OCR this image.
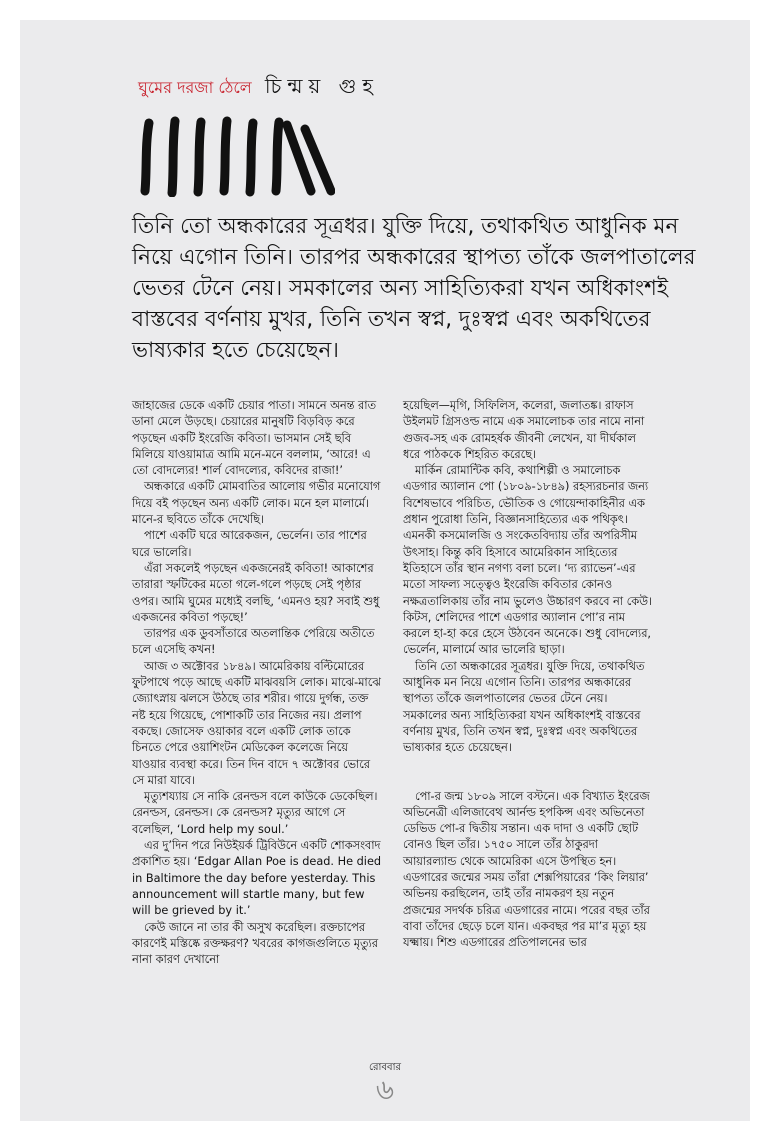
ঘুমের দরজা ঠেলে চিন্ময় গুহ

তিনি তো অন্ধকারের সূত্রধর। যুক্তি দিয়ে, তথাকথিত আধুনিক মন নিয়ে এগোন তিনি। তারপর অন্ধকারের স্থাপত্য তাঁকে জলপাতালের ভেতর টেনে নেয়। সমকালের অন্য সাহিত্যিকরা যখন অধিকাংশই বাস্তবের বর্ণনায় মুখর, তিনি তখন স্বপ্ন, দুঃস্বপ্ন এবং অকথিতের ভাষ্যকার হতে চেয়েছেন।

জাহাজের ডেকে একটি চেয়ার পাতা। সামনে অনন্ত রাত ডানা মেলে উড়ছে। চেয়ারের মানুষটি বিড়বিড় করে পড়ছেন একটি ইংরেজি কবিতা। ভাসমান সেই ছবি মিলিয়ে যাওয়ামাত্র আমি মনে-মনে বললাম, ‘আরে! এ তো বোদল্যের! শার্ল বোদল্যের, কবিদের রাজা!’

অন্ধকারে একটি মোমবাতির আলোয় গভীর মনোযোগ দিয়ে বই পড়ছেন অন্য একটি লোক। মনে হল মালার্মে। মানে-র ছবিতে তাঁকে দেখেছি।

পাশে একটি ঘরে আরেকজন, ভের্লেন। তার পাশের ঘরে ভালেরি।

এঁরা সকলেই পড়ছেন একজনেরই কবিতা! আকাশের তারারা স্ফটিকের মতো গলে-গলে পড়ছে সেই পৃষ্ঠার ওপর। আমি ঘুমের মধ্যেই বলছি, ‘এমনও হয়? সবাই শুধু একজনের কবিতা পড়ছে!’

তারপর এক ডুবসাঁতারে অতলান্তিক পেরিয়ে অতীতে চলে এসেছি কখন!

আজ ৩ অক্টোবর ১৮৪৯। আমেরিকায় বল্টিমোরের ফুটপাথে পড়ে আছে একটি মাঝবয়সি লোক। মাঝে-মাঝে জ্যোৎস্নায় ঝলসে উঠছে তার শরীর। গায়ে দুর্গন্ধ, তক্ত নষ্ট হয়ে গিয়েছে, পোশাকটি তার নিজের নয়। প্রলাপ বকছে। জোসেফ ওয়াকার বলে একটি লোক তাকে চিনতে পেরে ওয়াশিংটন মেডিকেল কলেজে নিয়ে যাওয়ার ব্যবস্থা করে। তিন দিন বাদে ৭ অক্টোবর ভোরে সে মারা যাবে।

মৃত্যুশয্যায় সে নাকি রেনল্ডস বলে কাউকে ডেকেছিল। রেনল্ডস, রেনল্ডস। কে রেনল্ডস? মৃত্যুর আগে সে বলেছিল, ‘Lord help my soul.’

এর দু’দিন পরে নিউইয়র্ক ট্রিবিউনে একটি শোকসংবাদ প্রকাশিত হয়। ‘Edgar Allan Poe is dead. He died in Baltimore the day before yesterday. This announcement will startle many, but few will be grieved by it.’

কেউ জানে না তার কী অসুখ করেছিল। রক্তচাপের কারণেই মস্তিষ্কে রক্তক্ষরণ? খবরের কাগজগুলিতে মৃত্যুর নানা কারণ দেখানো

হয়েছিল—মৃগি, সিফিলিস, কলেরা, জলাতঙ্ক। রাফাস উইলমট গ্রিসওল্ড নামে এক সমালোচক তার নামে নানা গুজব-সহ এক রোমহর্ষক জীবনী লেখেন, যা দীর্ঘকাল ধরে পাঠককে শিহরিত করেছে।

মার্কিন রোমান্টিক কবি, কথাশিল্পী ও সমালোচক এডগার অ্যালান পো (১৮০৯-১৮৪৯) রহস্যরচনার জন্য বিশেষভাবে পরিচিত, ভৌতিক ও গোয়েন্দাকাহিনীর এক প্রধান পুরোধা তিনি, বিজ্ঞানসাহিত্যের এক পথিকৃৎ। এমনকী কসমোলজি ও সংকেতবিদ্যায় তাঁর অপরিসীম উৎসাহ। কিন্তু কবি হিসাবে আমেরিকান সাহিত্যের ইতিহাসে তাঁর স্থান নগণ্য বলা চলে। ‘দ্য র‍্যাভেন’-এর মতো সাফল্য সত্ত্বেও ইংরেজি কবিতার কোনও নক্ষত্রতালিকায় তাঁর নাম ভুলেও উচ্চারণ করবে না কেউ। কিটস, শেলিদের পাশে এডগার অ্যালান পো’র নাম করলে হা-হা করে হেসে উঠবেন অনেকে। শুধু বোদল্যের, ভের্লেন, মালার্মে আর ভালেরি ছাড়া।

তিনি তো অন্ধকারের সূত্রধর। যুক্তি দিয়ে, তথাকথিত আধুনিক মন নিয়ে এগোন তিনি। তারপর অন্ধকারের স্থাপত্য তাঁকে জলপাতালের ভেতর টেনে নেয়। সমকালের অন্য সাহিত্যিকরা যখন অধিকাংশই বাস্তবের বর্ণনায় মুখর, তিনি তখন স্বপ্ন, দুঃস্বপ্ন এবং অকথিতের ভাষ্যকার হতে চেয়েছেন।

পো-র জন্ম ১৮০৯ সালে বস্টনে। এক বিখ্যাত ইংরেজ অভিনেত্রী এলিজাবেথ আর্নল্ড হপকিন্স এবং অভিনেতা ডেভিড পো-র দ্বিতীয় সন্তান। এক দাদা ও একটি ছোট বোনও ছিল তাঁর। ১৭৫০ সালে তাঁর ঠাকুরদা আয়ারল্যান্ড থেকে আমেরিকা এসে উপস্থিত হন। এডগারের জন্মের সময় তাঁরা শেক্সপিয়ারের ‘কিং লিয়ার’ অভিনয় করছিলেন, তাই তাঁর নামকরণ হয় নতুন প্রজন্মের সদর্থক চরিত্র এডগারের নামে। পরের বছর তাঁর বাবা তাঁদের ছেড়ে চলে যান। একবছর পর মা’র মৃত্যু হয় যক্ষ্মায়। শিশু এডগারের প্রতিপালনের ভার

রোববার
৬
